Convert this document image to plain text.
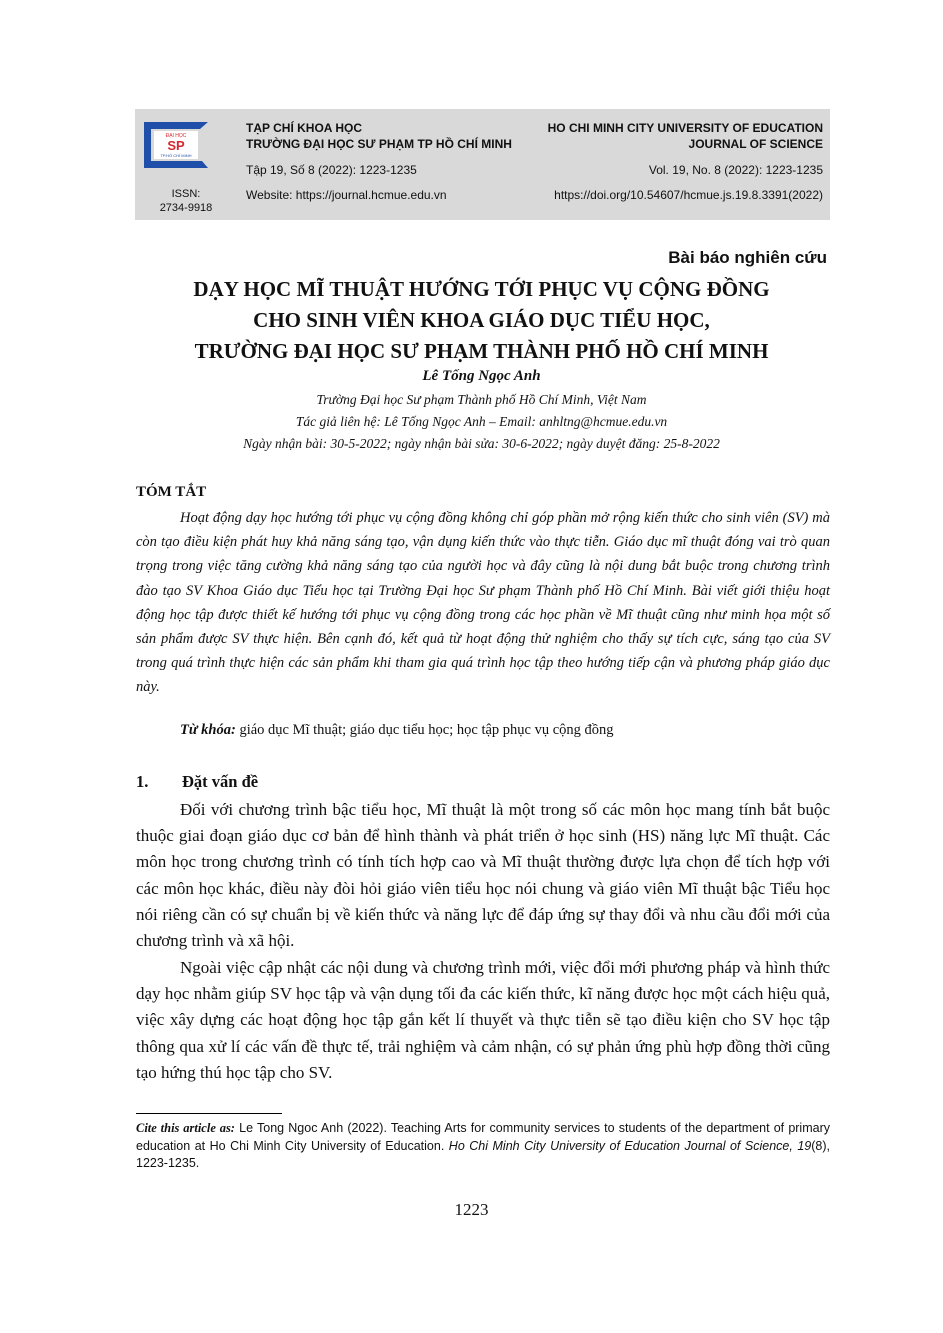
ĐẠI HỌC
SP
TP.HỒ CHÍ MINH
ISSN:
2734-9918
TẠP CHÍ KHOA HỌC
TRƯỜNG ĐẠI HỌC SƯ PHẠM TP HỒ CHÍ MINH
Tập 19, Số 8 (2022): 1223-1235
Website: https://journal.hcmue.edu.vn
HO CHI MINH CITY UNIVERSITY OF EDUCATION
JOURNAL OF SCIENCE
Vol. 19, No. 8 (2022): 1223-1235
https://doi.org/10.54607/hcmue.js.19.8.3391(2022)
Bài báo nghiên cứu
DẠY HỌC MĨ THUẬT HƯỚNG TỚI PHỤC VỤ CỘNG ĐỒNG
CHO SINH VIÊN KHOA GIÁO DỤC TIỂU HỌC,
TRƯỜNG ĐẠI HỌC SƯ PHẠM THÀNH PHỐ HỒ CHÍ MINH
Lê Tống Ngọc Anh
Trường Đại học Sư phạm Thành phố Hồ Chí Minh, Việt Nam
Tác giả liên hệ: Lê Tống Ngọc Anh – Email: anhltng@hcmue.edu.vn
Ngày nhận bài: 30-5-2022; ngày nhận bài sửa: 30-6-2022; ngày duyệt đăng: 25-8-2022
TÓM TẮT
Hoạt động dạy học hướng tới phục vụ cộng đồng không chỉ góp phần mở rộng kiến thức cho sinh viên (SV) mà còn tạo điều kiện phát huy khả năng sáng tạo, vận dụng kiến thức vào thực tiễn. Giáo dục mĩ thuật đóng vai trò quan trọng trong việc tăng cường khả năng sáng tạo của người học và đây cũng là nội dung bắt buộc trong chương trình đào tạo SV Khoa Giáo dục Tiểu học tại Trường Đại học Sư phạm Thành phố Hồ Chí Minh. Bài viết giới thiệu hoạt động học tập được thiết kế hướng tới phục vụ cộng đồng trong các học phần về Mĩ thuật cũng như minh họa một số sản phẩm được SV thực hiện. Bên cạnh đó, kết quả từ hoạt động thử nghiệm cho thấy sự tích cực, sáng tạo của SV trong quá trình thực hiện các sản phẩm khi tham gia quá trình học tập theo hướng tiếp cận và phương pháp giáo dục này.
Từ khóa: giáo dục Mĩ thuật; giáo dục tiểu học; học tập phục vụ cộng đồng
1. Đặt vấn đề
Đối với chương trình bậc tiểu học, Mĩ thuật là một trong số các môn học mang tính bắt buộc thuộc giai đoạn giáo dục cơ bản để hình thành và phát triển ở học sinh (HS) năng lực Mĩ thuật. Các môn học trong chương trình có tính tích hợp cao và Mĩ thuật thường được lựa chọn để tích hợp với các môn học khác, điều này đòi hỏi giáo viên tiểu học nói chung và giáo viên Mĩ thuật bậc Tiểu học nói riêng cần có sự chuẩn bị về kiến thức và năng lực để đáp ứng sự thay đổi và nhu cầu đổi mới của chương trình và xã hội.
Ngoài việc cập nhật các nội dung và chương trình mới, việc đổi mới phương pháp và hình thức dạy học nhằm giúp SV học tập và vận dụng tối đa các kiến thức, kĩ năng được học một cách hiệu quả, việc xây dựng các hoạt động học tập gắn kết lí thuyết và thực tiễn sẽ tạo điều kiện cho SV học tập thông qua xử lí các vấn đề thực tế, trải nghiệm và cảm nhận, có sự phản ứng phù hợp đồng thời cũng tạo hứng thú học tập cho SV.
Cite this article as: Le Tong Ngoc Anh (2022). Teaching Arts for community services to students of the department of primary education at Ho Chi Minh City University of Education. Ho Chi Minh City University of Education Journal of Science, 19(8), 1223-1235.
1223
